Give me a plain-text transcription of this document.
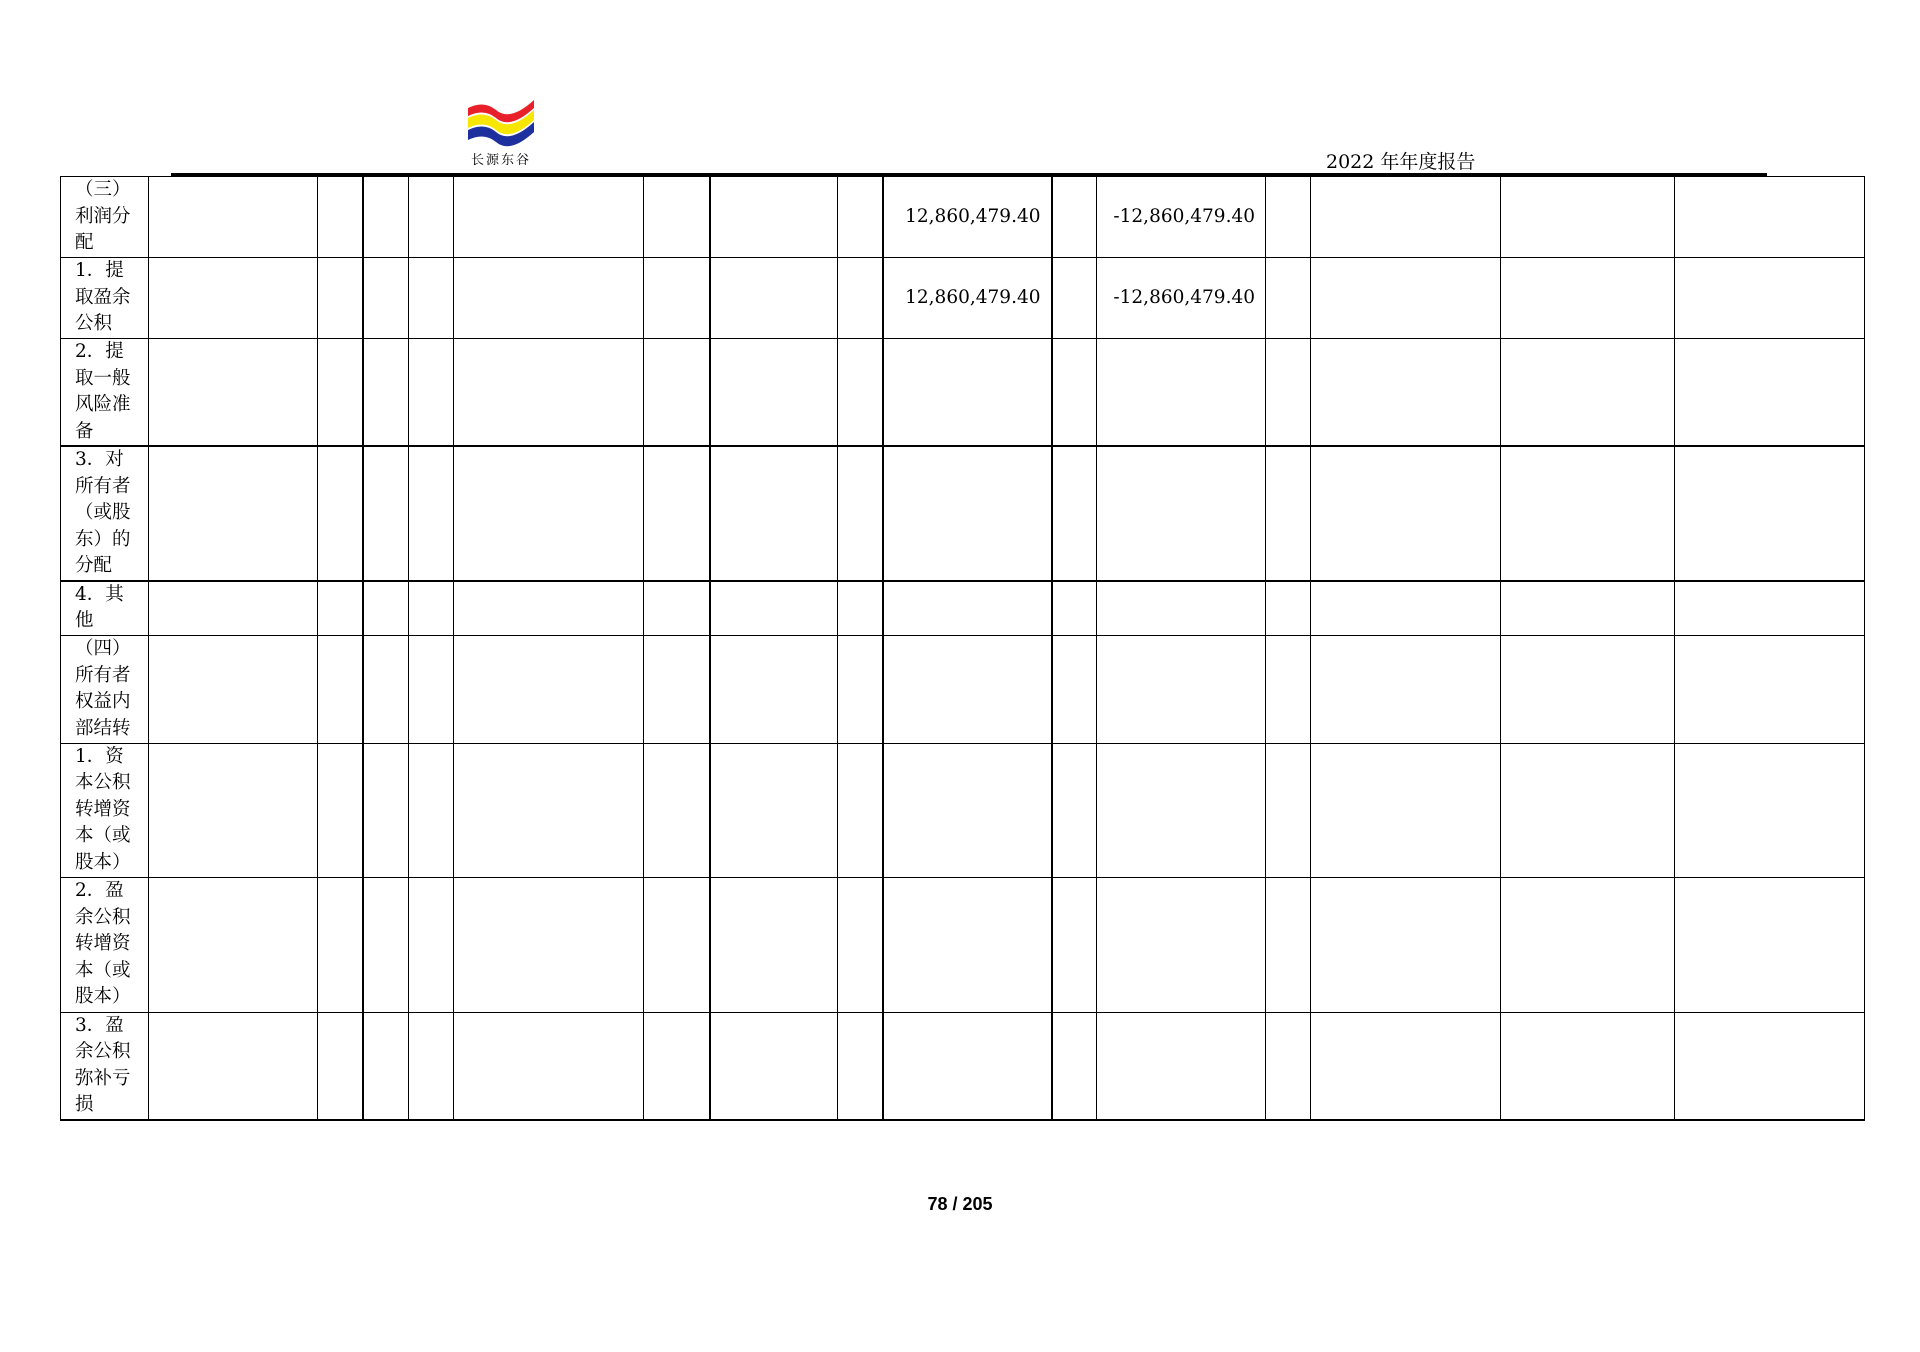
长源东谷	2022 年年度报告
（三）利润分配									12,860,479.40		-12,860,479.40				

1．提取盈余公积									12,860,479.40		-12,860,479.40				

2．提取一般风险准备															

3．对所有者（或股东）的分配															

4．其他															

（四）所有者权益内部结转															

1．资本公积转增资本（或股本）															

2．盈余公积转增资本（或股本）															

3．盈余公积弥补亏损															

78 / 205
